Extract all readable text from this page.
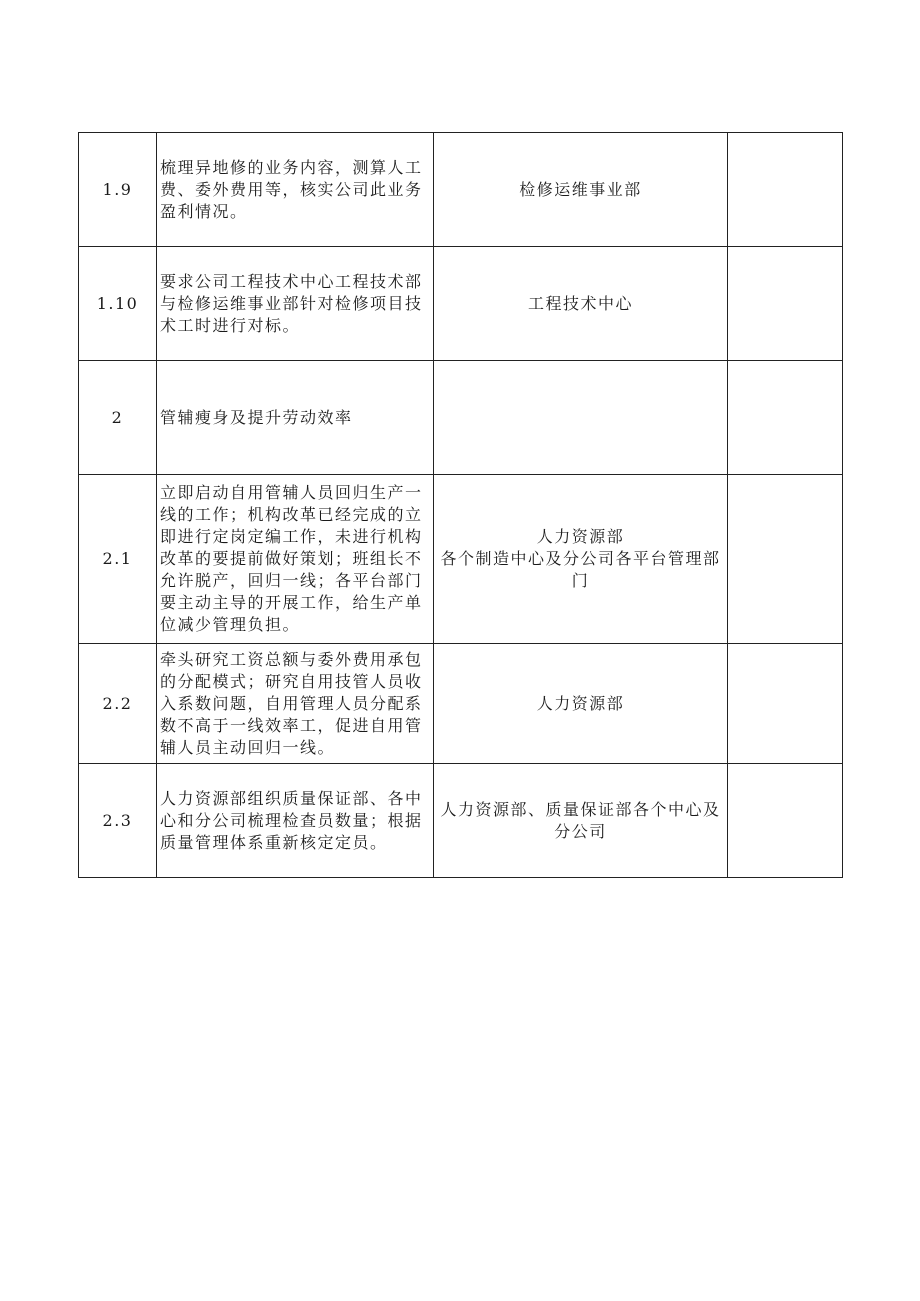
1.9	梳理异地修的业务内容，测算人工费、委外费用等，核实公司此业务盈利情况。	检修运维事业部	

1.10	要求公司工程技术中心工程技术部与检修运维事业部针对检修项目技术工时进行对标。	工程技术中心	

2	管辅瘦身及提升劳动效率		
2.1	立即启动自用管辅人员回归生产一线的工作；机构改革已经完成的立即进行定岗定编工作，未进行机构改革的要提前做好策划；班组长不允许脱产，回归一线；各平台部门要主动主导的开展工作，给生产单位减少管理负担。	人力资源部
各个制造中心及分公司各平台管理部门	

2.2	牵头研究工资总额与委外费用承包的分配模式；研究自用技管人员收入系数问题，自用管理人员分配系数不高于一线效率工，促进自用管辅人员主动回归一线。	人力资源部	

2.3	人力资源部组织质量保证部、各中心和分公司梳理检查员数量；根据质量管理体系重新核定定员。	人力资源部、质量保证部各个中心及分公司	
